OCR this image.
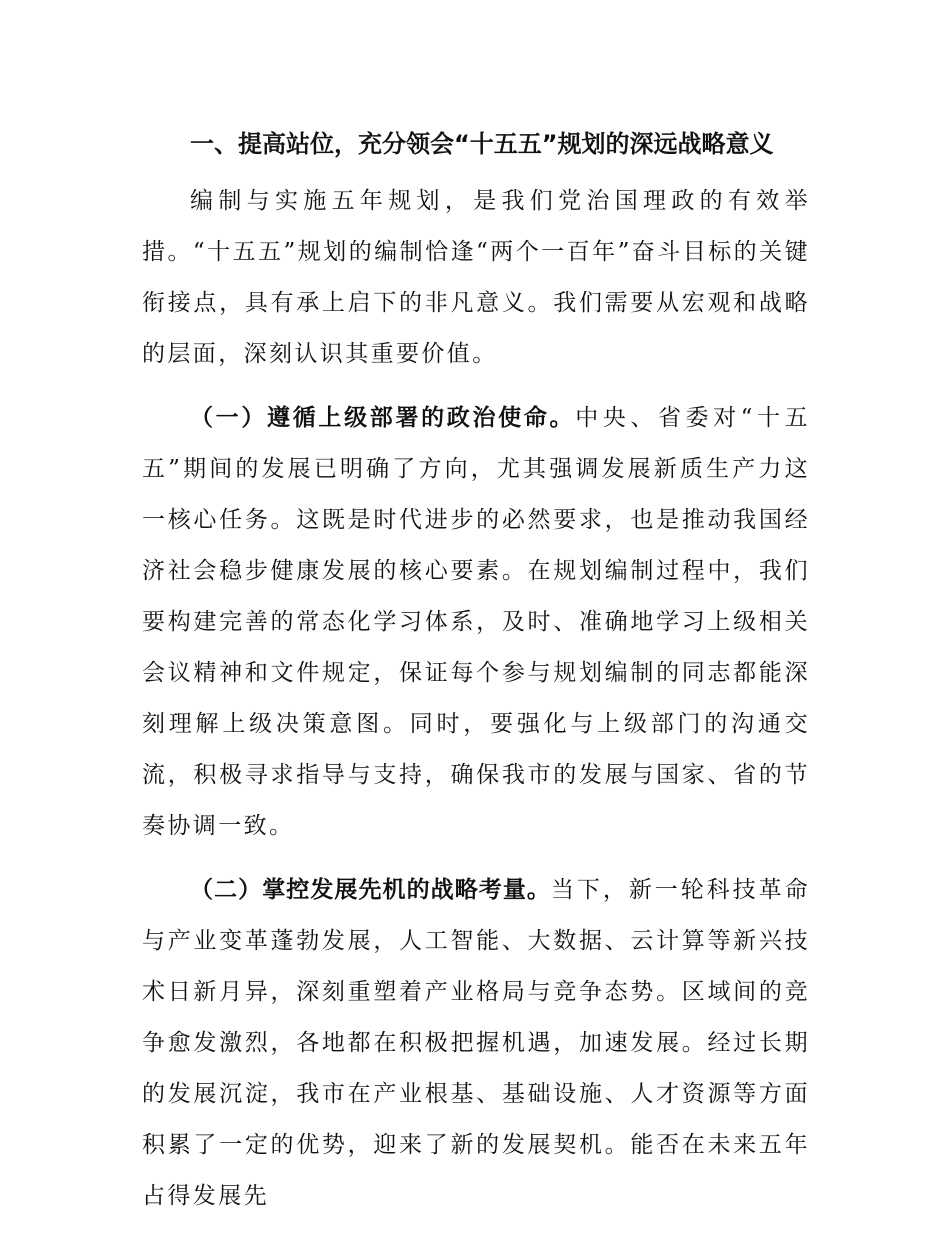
一、提高站位，充分领会“十五五”规划的深远战略意义

编制与实施五年规划，是我们党治国理政的有效举措。“十五五”规划的编制恰逢“两个一百年”奋斗目标的关键衔接点，具有承上启下的非凡意义。我们需要从宏观和战略的层面，深刻认识其重要价值。

（一）遵循上级部署的政治使命。中央、省委对“十五五”期间的发展已明确了方向，尤其强调发展新质生产力这一核心任务。这既是时代进步的必然要求，也是推动我国经济社会稳步健康发展的核心要素。在规划编制过程中，我们要构建完善的常态化学习体系，及时、准确地学习上级相关会议精神和文件规定，保证每个参与规划编制的同志都能深刻理解上级决策意图。同时，要强化与上级部门的沟通交流，积极寻求指导与支持，确保我市的发展与国家、省的节奏协调一致。

（二）掌控发展先机的战略考量。当下，新一轮科技革命与产业变革蓬勃发展，人工智能、大数据、云计算等新兴技术日新月异，深刻重塑着产业格局与竞争态势。区域间的竞争愈发激烈，各地都在积极把握机遇，加速发展。经过长期的发展沉淀，我市在产业根基、基础设施、人才资源等方面积累了一定的优势，迎来了新的发展契机。能否在未来五年占得发展先
